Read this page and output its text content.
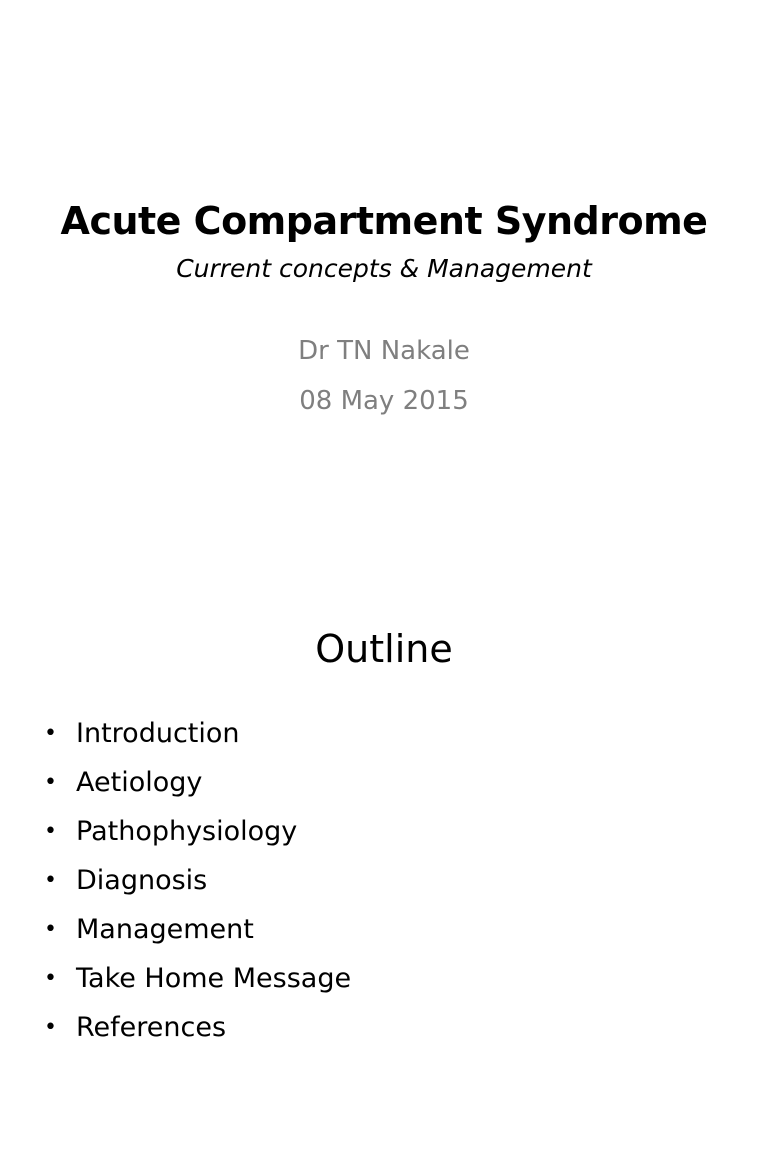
Acute Compartment Syndrome
Current concepts & Management
Dr TN Nakale
08 May 2015
Outline
• Introduction
• Aetiology
• Pathophysiology
• Diagnosis
• Management
• Take Home Message
• References
